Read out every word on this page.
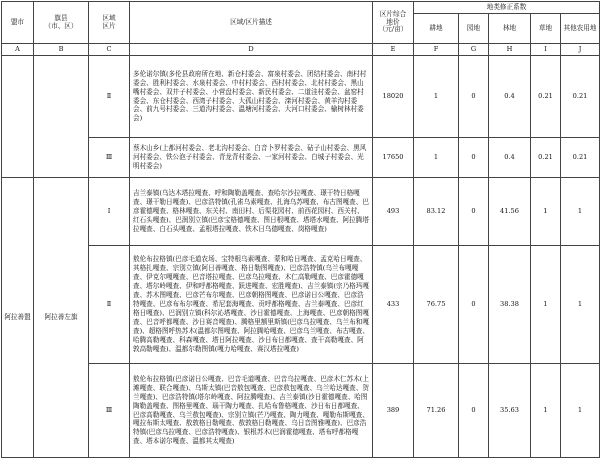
盟市	旗县
（市、区）	区域
区片	区域/区片描述	区片综合
地价
（元/亩）	地类修正系数				
					耕地	园地	林地	草地	其他农用地
A	B	C	D	E	F	G	H	I	J
		Ⅱ	多伦诺尔镇(多伦县政府所在地、新仓村委会、富泉村委会、团结村委会、南村村委会、胜利村委会、水泉村委会、中村村委会、西村村委会、北村村委会、黑山嘴村委会、双井子村委会、小营盘村委会、新民村委会、二道洼村委会、盆窑村委会、东仓村委会、西湾子村委会、大孤山村委会、滦河村委会、黄羊沟村委会、前九号村委会、三道沟村委会、温塘河村委会、大河口村委会、榆树林村委会)	18020	1	0	0.4	0.21	0.21
		Ⅲ	蔡木山乡(上都河村委会、老北沟村委会、白音卜罗村委会、砧子山村委会、黑风河村委会、铁公泡子村委会、青龙背村委会、一家河村委会、白城子村委会、光明村委会)	17650	1	0	0.4	0.21	0.21
阿拉善盟	阿拉善左旗	Ⅰ	吉兰泰镇(乌达木塔拉嘎查、呼和陶勒盖嘎查、查哈尔沙拉嘎查、璟干特日格嘎查、璟干勒日嘎查)、巴彦浩特镇(孔雀乌素嘎查、扎海乌苏嘎查、布古图嘎查、巴彦霍德嘎查、格林嘎查、东关村、南田村、后渠花园村、前西花园村、西关村、红石头嘎查)、巴润别立镇(巴彦宝格德嘎查、图日根嘎查、塔塔水嘎查、阿拉腾塔拉嘎查、白石头嘎查、孟根塔拉嘎查、铁木日乌德嘎查、岗格嘎查)	493	83.12	0	41.56	1	1
		Ⅱ	敖伦布拉格镇(巴彦毛道农场、宝特根乌素嘎查、蒙和哈日嘎查、孟克哈日嘎查、其格扎嘎查、宗别立镇(阿日善嘎查、格日勒图嘎查)、巴彦浩特镇(乌兰布嘎嘎查、伊克尔嘎嘎查、巴音塔拉嘎查、巴彦乌拉嘎查、木仁高勒嘎查、巴彦霍德嘎查、塔尔岭嘎查、伊和呼都格嘎查、跃进嘎查、宏胜嘎查)、吉兰泰镇(宗乃格玛嘎查、苏木图嘎查、巴彦芒布尔嘎查、巴彦朝格图嘎查、巴彦诺日公嘎查、巴彦浩特嘎查、巴彦布布尔嘎查、希尼套海嘎查、贡呼都格嘎查、吉兰泰嘎查、巴彦红格日嘎查)、巴润别立镇(科尔沁塔嘎查、沙日霍德嘎查、上海嘎查、巴彦朝格图嘎查、巴音呼都嘎查、沙日赛音嘎查)、腾格里额里斯镇(巴彦乌拉嘎查、乌兰布和嘎查)、超格图呼热苏木(温都尔图嘎查、阿拉腾哈嘎查、巴彦乌兰嘎查、布古嘎查、哈腾高勒嘎查、科森嘎查、塔日阿拉嘎查、沙日布日都嘎查、查干高勒嘎查、阿敦高勒嘎查)、温都尔勒图镇(嘎力哈嘎查、赛汉塔拉嘎查)	433	76.75	0	38.38	1	1
		Ⅲ	敖伦布拉格镇(巴彦诺日公嘎查、巴音毛道嘎查、巴音乌拉嘎查、巴彦木仁苏木(上滩嘎查、联合嘎查)、乌斯太镇(巴音敖包嘎查、巴彦敖包嘎查、乌兰哈达嘎查、贺兰嘎查)、巴彦浩特镇(塔尔岭嘎查、阿拉腾嘎查)、吉兰泰镇(沙日霍德嘎查、哈图陶勒盖嘎查、图格里嘎查、瑙干陶力嘎查、扎哈布鲁格嘎查、沙日布日都嘎查、巴彦高勒嘎查、乌兰敖包嘎查)、宗别立镇(芒乃嘎查、陶力嘎查、嘎勒布斯嘎查、嘎拉布斯太嘎查、敖敦格日勒嘎查、敖敦格日勒嘎查、乌日音图雅嘎查)、巴彦浩特镇(巴彦乌拉嘎查、巴彦浩特嘎查)、银根苏木(巴润霍德嘎查、塔布呼都格嘎查、塔本诺尔嘎查、温都其太嘎查)	389	71.26	0	35.63	1	1
